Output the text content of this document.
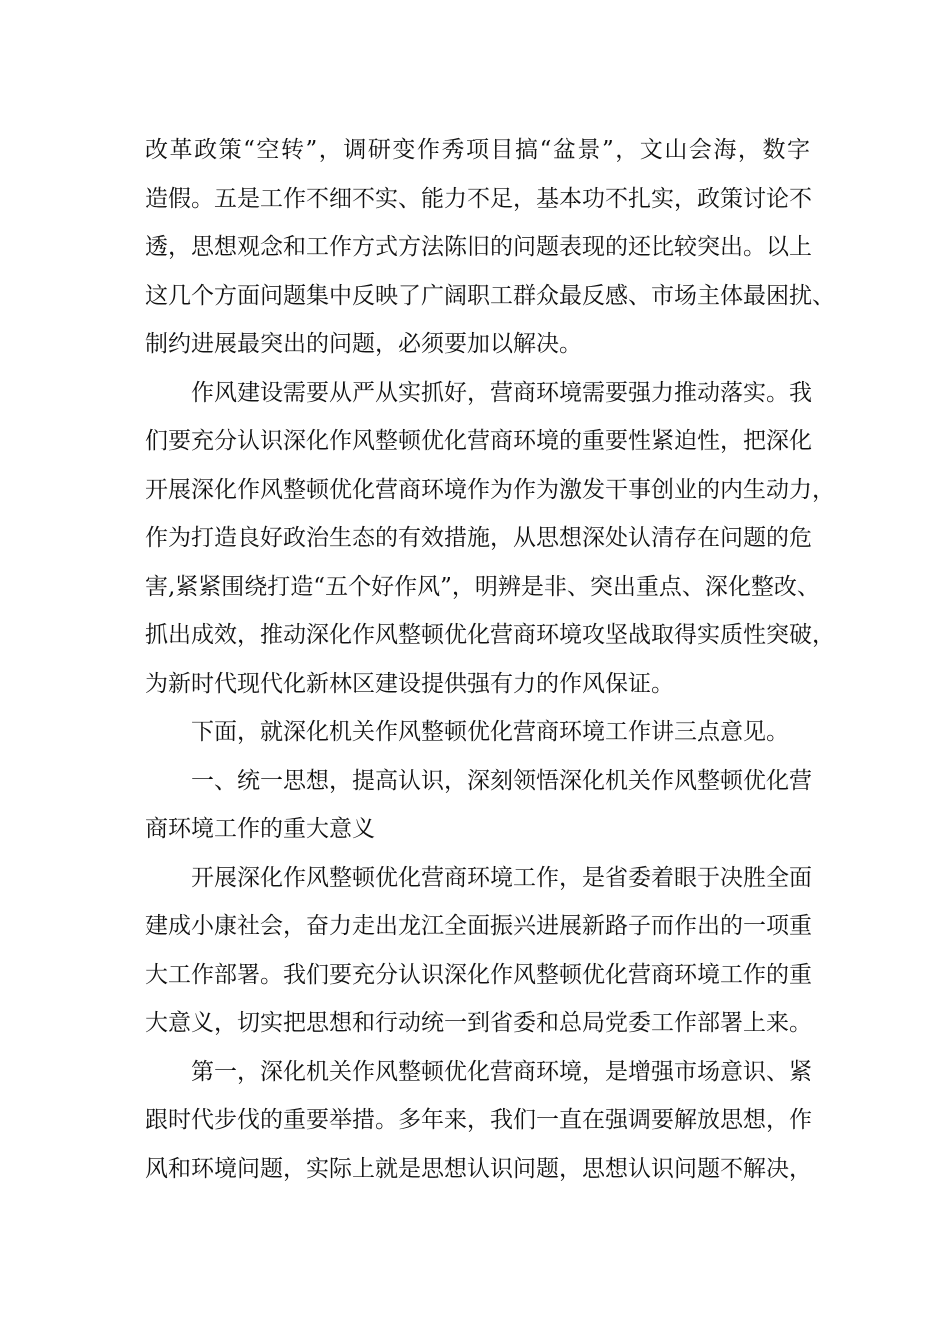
改革政策“空转”，调研变作秀项目搞“盆景”，文山会海，数字
造假。五是工作不细不实、能力不足，基本功不扎实，政策讨论不
透，思想观念和工作方式方法陈旧的问题表现的还比较突出。以上
这几个方面问题集中反映了广阔职工群众最反感、市场主体最困扰、
制约进展最突出的问题，必须要加以解决。
作风建设需要从严从实抓好，营商环境需要强力推动落实。我
们要充分认识深化作风整顿优化营商环境的重要性紧迫性，把深化
开展深化作风整顿优化营商环境作为作为激发干事创业的内生动力，
作为打造良好政治生态的有效措施，从思想深处认清存在问题的危
害,紧紧围绕打造“五个好作风”，明辨是非、突出重点、深化整改、
抓出成效，推动深化作风整顿优化营商环境攻坚战取得实质性突破，
为新时代现代化新林区建设提供强有力的作风保证。
下面，就深化机关作风整顿优化营商环境工作讲三点意见。
一、统一思想，提高认识，深刻领悟深化机关作风整顿优化营
商环境工作的重大意义
开展深化作风整顿优化营商环境工作，是省委着眼于决胜全面
建成小康社会，奋力走出龙江全面振兴进展新路子而作出的一项重
大工作部署。我们要充分认识深化作风整顿优化营商环境工作的重
大意义，切实把思想和行动统一到省委和总局党委工作部署上来。
第一，深化机关作风整顿优化营商环境，是增强市场意识、紧
跟时代步伐的重要举措。多年来，我们一直在强调要解放思想，作
风和环境问题，实际上就是思想认识问题，思想认识问题不解决，
